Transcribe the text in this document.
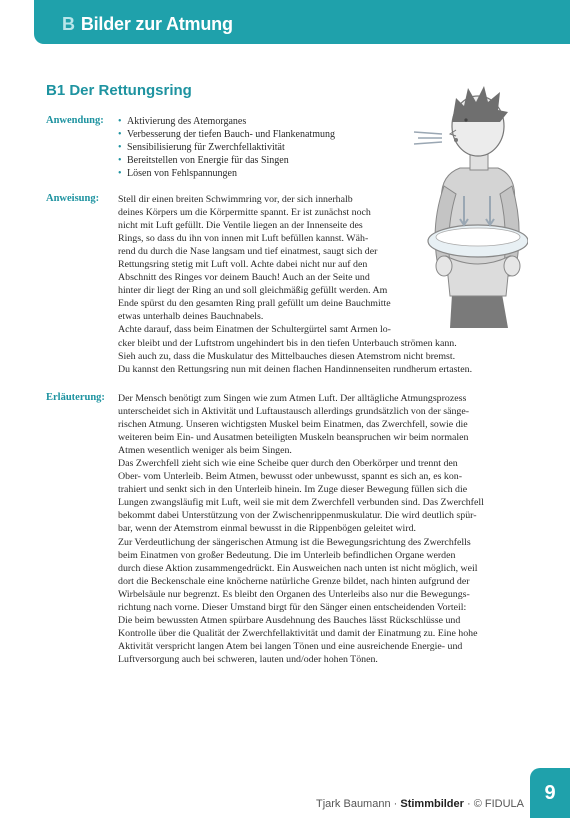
B Bilder zur Atmung
B1 Der Rettungsring
Anwendung:
•	Aktivierung des Atemorganes
• Verbesserung der tiefen Bauch- und Flankenatmung
• Sensibilisierung für Zwerchfellaktivität
• Bereitstellen von Energie für das Singen
• Lösen von Fehlspannungen
Anweisung: Stell dir einen breiten Schwimmring vor, der sich innerhalb
deines Körpers um die Körpermitte spannt. Er ist zunächst noch
nicht mit Luft gefüllt. Die Ventile liegen an der Innenseite des
Rings, so dass du ihn von innen mit Luft befüllen kannst. Wäh-
rend du durch die Nase langsam und tief einatmest, saugt sich der
Rettungsring stetig mit Luft voll. Achte dabei nicht nur auf den
Abschnitt des Ringes vor deinem Bauch! Auch an der Seite und
hinter dir liegt der Ring an und soll gleichmäßig gefüllt werden. Am
Ende spürst du den gesamten Ring prall gefüllt um deine Bauchmitte
etwas unterhalb deines Bauchnabels.
Achte darauf, dass beim Einatmen der Schultergürtel samt Armen lo-
cker bleibt und der Luftstrom ungehindert bis in den tiefen Unterbauch strömen kann.
Sieh auch zu, dass die Muskulatur des Mittelbauches diesen Atemstrom nicht bremst.
Du kannst den Rettungsring nun mit deinen flachen Handinnenseiten rundherum ertasten.
Erläuterung: Der Mensch benötigt zum Singen wie zum Atmen Luft. Der alltägliche Atmungsprozess
unterscheidet sich in Aktivität und Luftaustausch allerdings grundsätzlich von der sänge-
rischen Atmung. Unseren wichtigsten Muskel beim Einatmen, das Zwerchfell, sowie die
weiteren beim Ein- und Ausatmen beteiligten Muskeln beanspruchen wir beim normalen
Atmen wesentlich weniger als beim Singen.
Das Zwerchfell zieht sich wie eine Scheibe quer durch den Oberkörper und trennt den
Ober- vom Unterleib. Beim Atmen, bewusst oder unbewusst, spannt es sich an, es kon-
trahiert und senkt sich in den Unterleib hinein. Im Zuge dieser Bewegung füllen sich die
Lungen zwangsläufig mit Luft, weil sie mit dem Zwerchfell verbunden sind. Das Zwerchfell
bekommt dabei Unterstützung von der Zwischenrippenmuskulatur. Die wird deutlich spür-
bar, wenn der Atemstrom einmal bewusst in die Rippenbögen geleitet wird.
Zur Verdeutlichung der sängerischen Atmung ist die Bewegungsrichtung des Zwerchfells
beim Einatmen von großer Bedeutung. Die im Unterleib befindlichen Organe werden
durch diese Aktion zusammengedrückt. Ein Ausweichen nach unten ist nicht möglich, weil
dort die Beckenschale eine knöcherne natürliche Grenze bildet, nach hinten aufgrund der
Wirbelsäule nur begrenzt. Es bleibt den Organen des Unterleibs also nur die Bewegungs-
richtung nach vorne. Dieser Umstand birgt für den Sänger einen entscheidenden Vorteil:
Die beim bewussten Atmen spürbare Ausdehnung des Bauches lässt Rückschlüsse und
Kontrolle über die Qualität der Zwerchfellaktivität und damit der Einatmung zu. Eine hohe
Aktivität verspricht langen Atem bei langen Tönen und eine ausreichende Energie- und
Luftversorgung auch bei schweren, lauten und/oder hohen Tönen.
Tjark Baumann · Stimmbilder · © FIDULA
9
